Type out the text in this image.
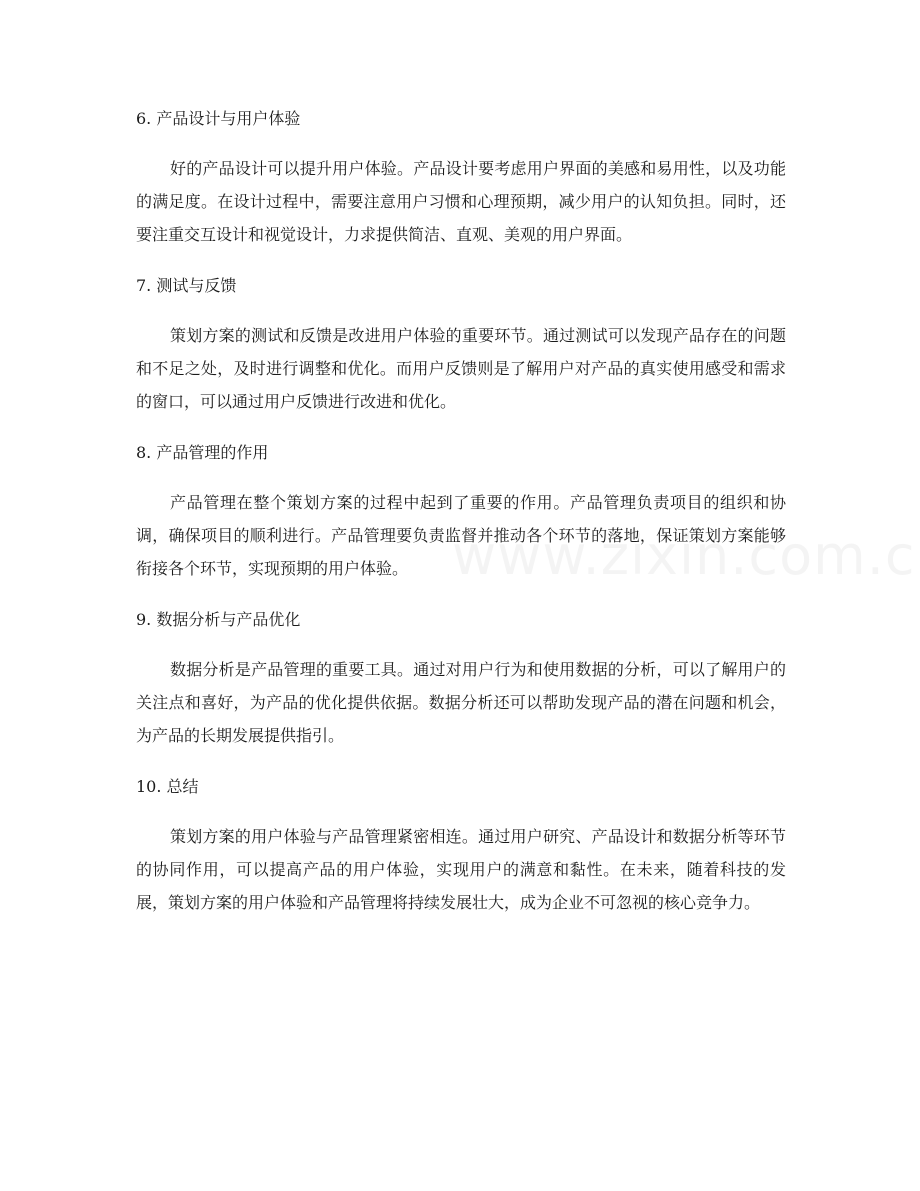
6. 产品设计与用户体验

好的产品设计可以提升用户体验。产品设计要考虑用户界面的美感和易用性，以及功能的满足度。在设计过程中，需要注意用户习惯和心理预期，减少用户的认知负担。同时，还要注重交互设计和视觉设计，力求提供简洁、直观、美观的用户界面。

7. 测试与反馈

策划方案的测试和反馈是改进用户体验的重要环节。通过测试可以发现产品存在的问题和不足之处，及时进行调整和优化。而用户反馈则是了解用户对产品的真实使用感受和需求的窗口，可以通过用户反馈进行改进和优化。

8. 产品管理的作用

产品管理在整个策划方案的过程中起到了重要的作用。产品管理负责项目的组织和协调，确保项目的顺利进行。产品管理要负责监督并推动各个环节的落地，保证策划方案能够衔接各个环节，实现预期的用户体验。

9. 数据分析与产品优化

数据分析是产品管理的重要工具。通过对用户行为和使用数据的分析，可以了解用户的关注点和喜好，为产品的优化提供依据。数据分析还可以帮助发现产品的潜在问题和机会，为产品的长期发展提供指引。

10. 总结

策划方案的用户体验与产品管理紧密相连。通过用户研究、产品设计和数据分析等环节的协同作用，可以提高产品的用户体验，实现用户的满意和黏性。在未来，随着科技的发展，策划方案的用户体验和产品管理将持续发展壮大，成为企业不可忽视的核心竞争力。
